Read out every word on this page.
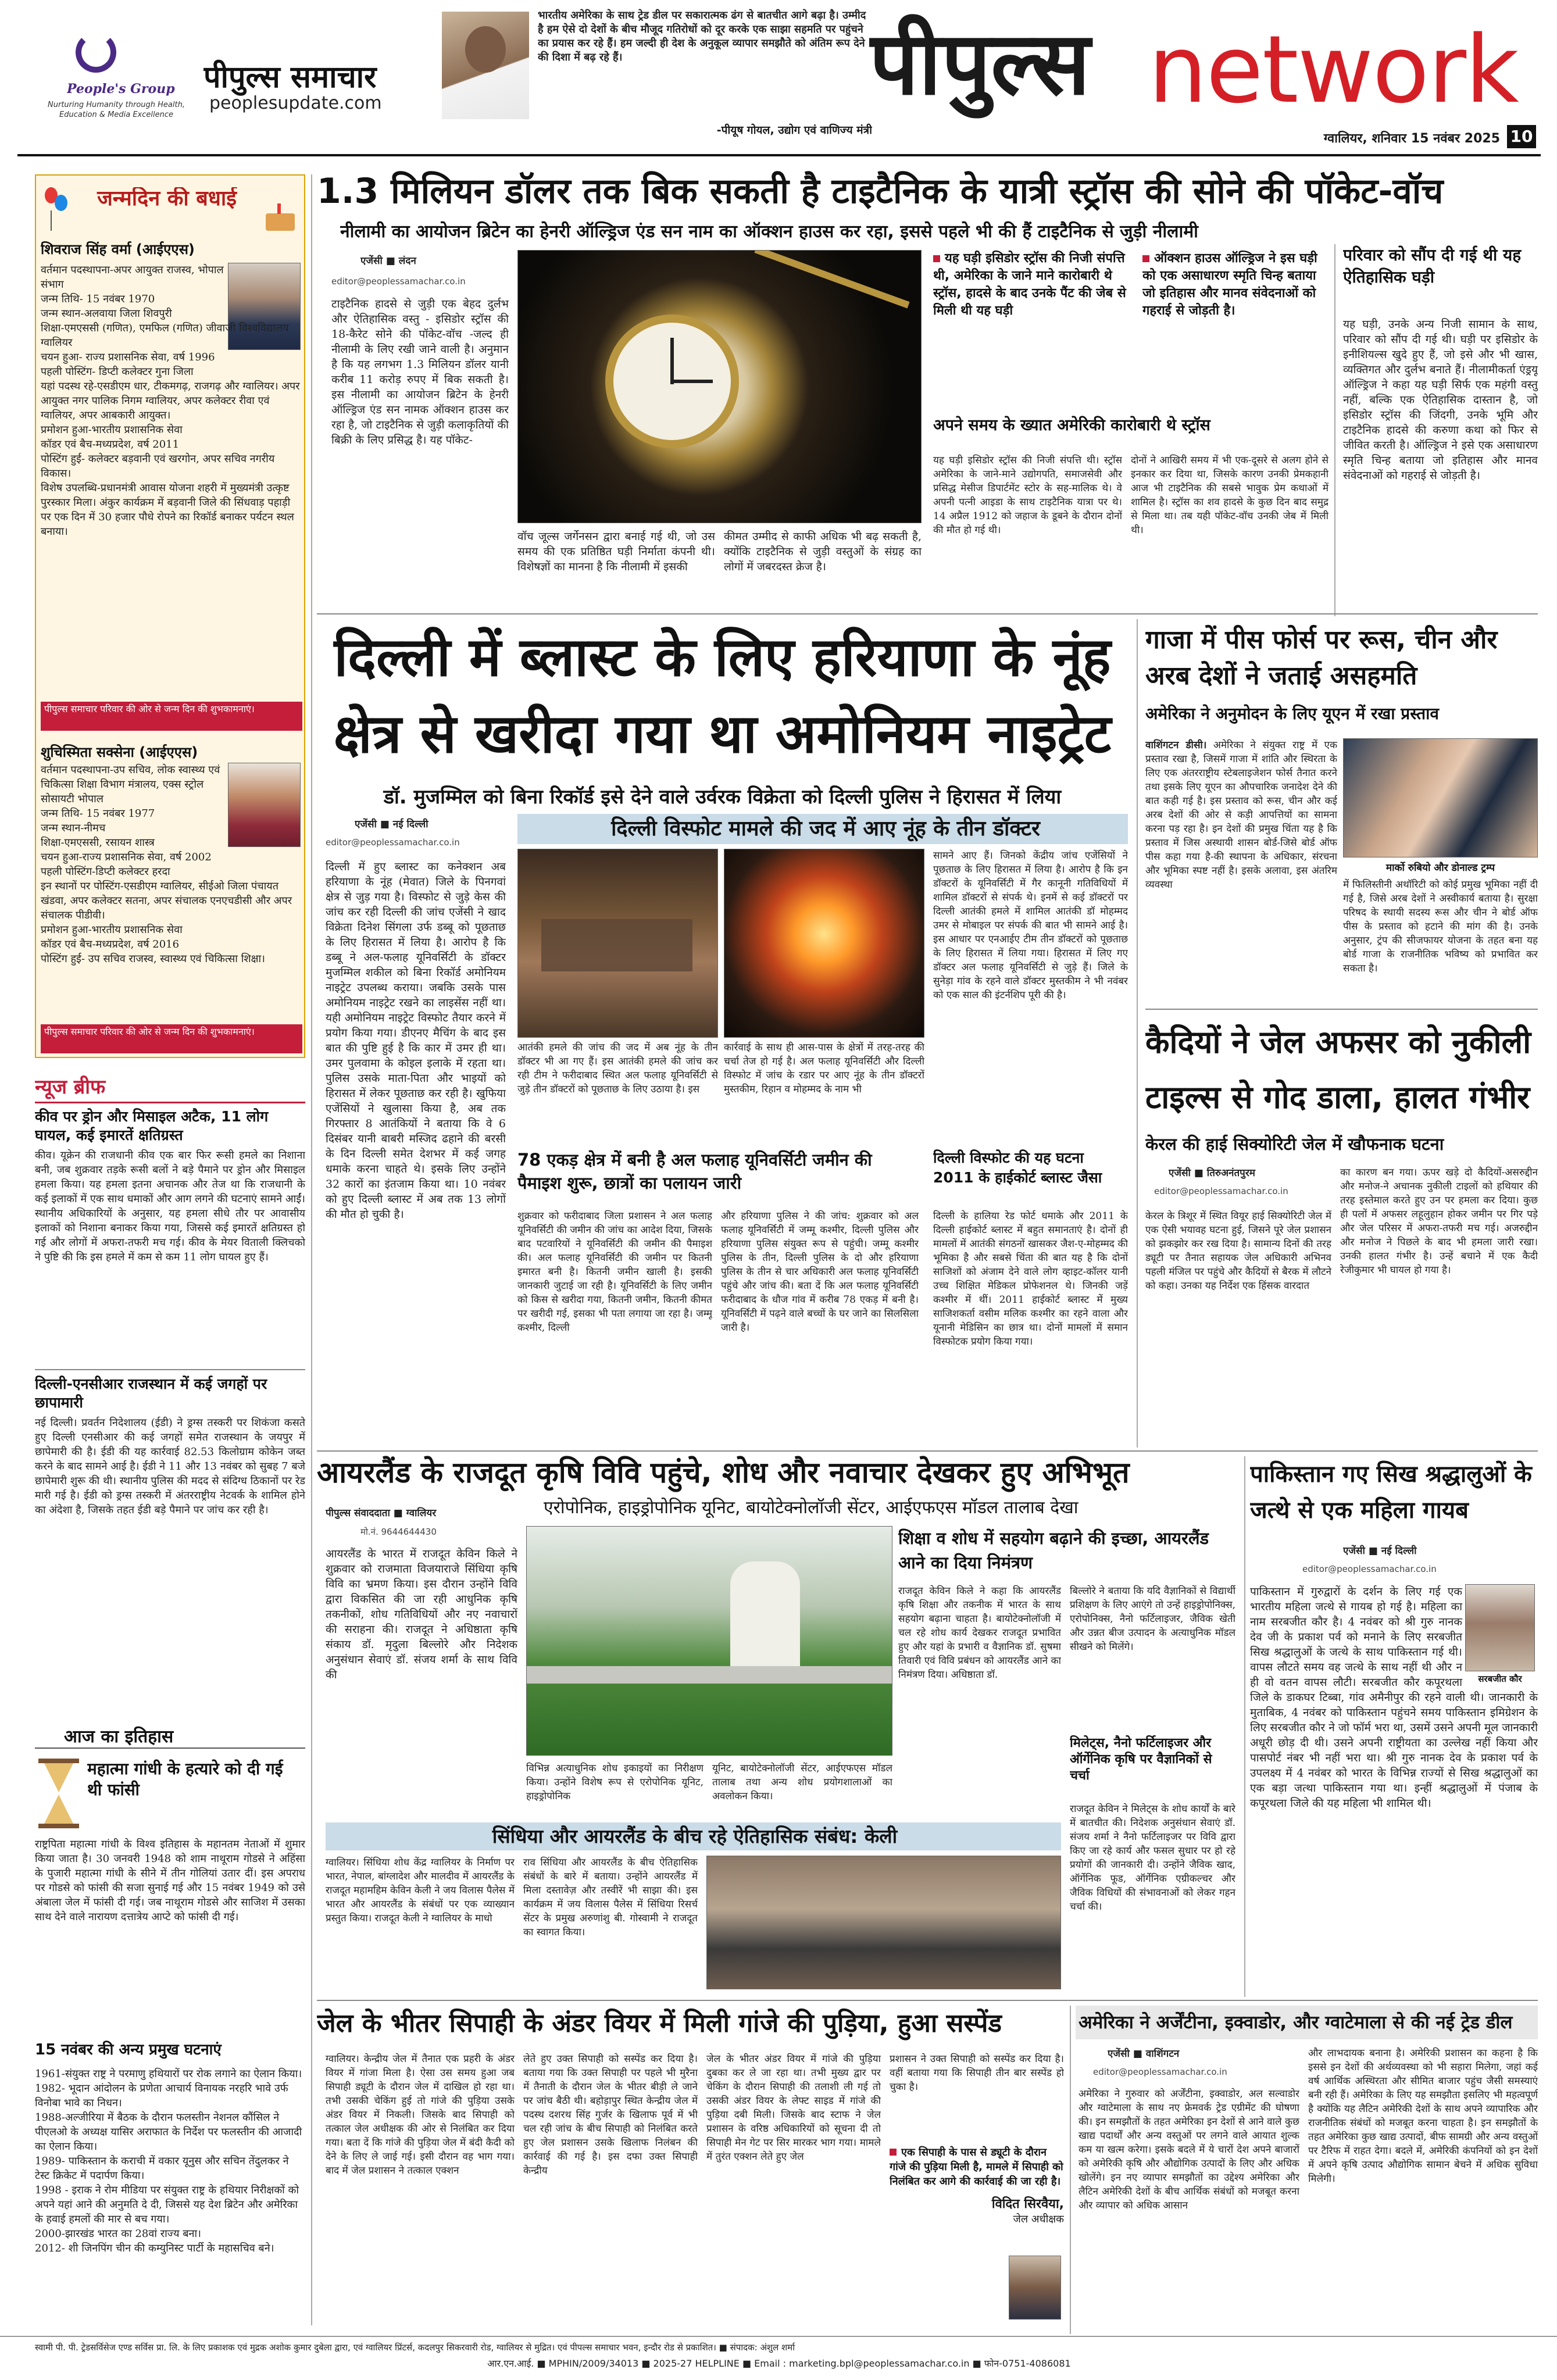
People's Group
Nurturing Humanity through Health, Education & Media Excellence
पीपुल्स समाचार
peoplesupdate.com
भारतीय अमेरिका के साथ ट्रेड डील पर सकारात्मक ढंग से बातचीत आगे बढ़ा है। उम्मीद है हम ऐसे दो देशों के बीच मौजूद गतिरोधों को दूर करके एक साझा सहमति पर पहुंचने का प्रयास कर रहे हैं। हम जल्दी ही देश के अनुकूल व्यापार समझौते को अंतिम रूप देने की दिशा में बढ़ रहे हैं।
-पीयूष गोयल, उद्योग एवं वाणिज्य मंत्री
पीपुल्स network
ग्वालियर, शनिवार 15 नवंबर 2025 10
जन्मदिन की बधाई
शिवराज सिंह वर्मा (आईएएस)

वर्तमान पदस्थापना-अपर आयुक्त राजस्व, भोपाल संभाग

जन्म तिथि- 15 नवंबर 1970

जन्म स्थान-अलवाया जिला शिवपुरी

शिक्षा-एमएससी (गणित), एमफिल (गणित) जीवाजी विश्वविद्यालय ग्वालियर

चयन हुआ- राज्य प्रशासनिक सेवा, वर्ष 1996

पहली पोस्टिंग- डिप्टी कलेक्टर गुना जिला

यहां पदस्थ रहे-एसडीएम धार, टीकमगढ़, राजगढ़ और ग्वालियर। अपर आयुक्त नगर पालिक निगम ग्वालियर, अपर कलेक्टर रीवा एवं ग्वालियर, अपर आबकारी आयुक्त।

प्रमोशन हुआ-भारतीय प्रशासनिक सेवा

कॉडर एवं बैच-मध्यप्रदेश, वर्ष 2011

पोस्टिंग हुई- कलेक्टर बड़वानी एवं खरगोन, अपर सचिव नगरीय विकास।

विशेष उपलब्धि-प्रधानमंत्री आवास योजना शहरी में मुख्यमंत्री उत्कृष्ट पुरस्कार मिला। अंकुर कार्यक्रम में बड़वानी जिले की सिंधवाड़ पहाड़ी पर एक दिन में 30 हजार पौधे रोपने का रिकॉर्ड बनाकर पर्यटन स्थल बनाया।

पीपुल्स समाचार परिवार की ओर से जन्म दिन की शुभकामनाएं।
शुचिस्मिता सक्सेना (आईएएस)

वर्तमान पदस्थापना-उप सचिव, लोक स्वास्थ्य एवं चिकित्सा शिक्षा विभाग मंत्रालय, एक्स स्ट्रोल सोसायटी भोपाल

जन्म तिथि- 15 नवंबर 1977

जन्म स्थान-नीमच

शिक्षा-एमएससी, रसायन शास्त्र

चयन हुआ-राज्य प्रशासनिक सेवा, वर्ष 2002

पहली पोस्टिंग-डिप्टी कलेक्टर हरदा

इन स्थानों पर पोस्टिंग-एसडीएम ग्वालियर, सीईओ जिला पंचायत खंडवा, अपर कलेक्टर सतना, अपर संचालक एनएचडीसी और अपर संचालक पीडीवी।

प्रमोशन हुआ-भारतीय प्रशासनिक सेवा

कॉडर एवं बैच-मध्यप्रदेश, वर्ष 2016

पोस्टिंग हुई- उप सचिव राजस्व, स्वास्थ्य एवं चिकित्सा शिक्षा।

पीपुल्स समाचार परिवार की ओर से जन्म दिन की शुभकामनाएं।
न्यूज ब्रीफ
कीव पर ड्रोन और मिसाइल अटैक, 11 लोग घायल, कई इमारतें क्षतिग्रस्त
कीव। यूक्रेन की राजधानी कीव एक बार फिर रूसी हमले का निशाना बनी, जब शुक्रवार तड़के रूसी बलों ने बड़े पैमाने पर ड्रोन और मिसाइल हमला किया। यह हमला इतना अचानक और तेज था कि राजधानी के कई इलाकों में एक साथ धमाकों और आग लगने की घटनाएं सामने आईं। स्थानीय अधिकारियों के अनुसार, यह हमला सीधे तौर पर आवासीय इलाकों को निशाना बनाकर किया गया, जिससे कई इमारतें क्षतिग्रस्त हो गई और लोगों में अफरा-तफरी मच गई। कीव के मेयर विताली क्लिचको ने पुष्टि की कि इस हमले में कम से कम 11 लोग घायल हुए हैं।
दिल्ली-एनसीआर राजस्थान में कई जगहों पर छापामारी
नई दिल्ली। प्रवर्तन निदेशालय (ईडी) ने ड्रग्स तस्करी पर शिकंजा कसते हुए दिल्ली एनसीआर की कई जगहों समेत राजस्थान के जयपुर में छापेमारी की है। ईडी की यह कार्रवाई 82.53 किलोग्राम कोकेन जब्त करने के बाद सामने आई है। ईडी ने 11 और 13 नवंबर को सुबह 7 बजे छापेमारी शुरू की थी। स्थानीय पुलिस की मदद से संदिग्ध ठिकानों पर रेड मारी गई है। ईडी को ड्रग्स तस्करी में अंतरराष्ट्रीय नेटवर्क के शामिल होने का अंदेशा है, जिसके तहत ईडी बड़े पैमाने पर जांच कर रही है।
आज का इतिहास
महात्मा गांधी के हत्यारे को दी गई थी फांसी
राष्ट्रपिता महात्मा गांधी के विश्व इतिहास के महानतम नेताओं में शुमार किया जाता है। 30 जनवरी 1948 को शाम नाथूराम गोडसे ने अहिंसा के पुजारी महात्मा गांधी के सीने में तीन गोलियां उतार दीं। इस अपराध पर गोडसे को फांसी की सजा सुनाई गई और 15 नवंबर 1949 को उसे अंबाला जेल में फांसी दी गई। जब नाथूराम गोडसे और साजिश में उसका साथ देने वाले नारायण दत्तात्रेय आप्टे को फांसी दी गई।
15 नवंबर की अन्य प्रमुख घटनाएं

1961-संयुक्त राष्ट्र ने परमाणु हथियारों पर रोक लगाने का ऐलान किया।

1982- भूदान आंदोलन के प्रणेता आचार्य विनायक नरहरि भावे उर्फ विनोबा भावे का निधन।

1988-अल्जीरिया में बैठक के दौरान फलस्तीन नेशनल कौंसिल ने पीएलओ के अध्यक्ष यासिर अराफात के निर्देश पर फलस्तीन की आजादी का ऐलान किया।

1989- पाकिस्तान के कराची में वकार यूनुस और सचिन तेंदुलकर ने टेस्ट क्रिकेट में पदार्पण किया।

1998 - इराक ने रोम मीडिया पर संयुक्त राष्ट्र के हथियार निरीक्षकों को अपने यहां आने की अनुमति दे दी, जिससे यह देश ब्रिटेन और अमेरिका के हवाई हमलों की मार से बच गया।

2000-झारखंड भारत का 28वां राज्य बना।

2012- शी जिनपिंग चीन की कम्युनिस्ट पार्टी के महासचिव बने।

1.3 मिलियन डॉलर तक बिक सकती है टाइटैनिक के यात्री स्ट्रॉस की सोने की पॉकेट-वॉच
नीलामी का आयोजन ब्रिटेन का हेनरी ऑल्ड्रिज एंड सन नाम का ऑक्शन हाउस कर रहा, इससे पहले भी की हैं टाइटैनिक से जुड़ी नीलामी
एजेंसी ■ लंदन
editor@peoplessamachar.co.in
टाइटैनिक हादसे से जुड़ी एक बेहद दुर्लभ और ऐतिहासिक वस्तु - इसिडोर स्ट्रॉस की 18-कैरेट सोने की पॉकेट-वॉच -जल्द ही नीलामी के लिए रखी जाने वाली है। अनुमान है कि यह लगभग 1.3 मिलियन डॉलर यानी करीब 11 करोड़ रुपए में बिक सकती है। इस नीलामी का आयोजन ब्रिटेन के हेनरी ऑल्ड्रिज एंड सन नामक ऑक्शन हाउस कर रहा है, जो टाइटैनिक से जुड़ी कलाकृतियों की बिक्री के लिए प्रसिद्ध है। यह पॉकेट-
वॉच जूल्स जर्गेनसन द्वारा बनाई गई थी, जो उस समय की एक प्रतिष्ठित घड़ी निर्माता कंपनी थी। विशेषज्ञों का मानना है कि नीलामी में इसकी
कीमत उम्मीद से काफी अधिक भी बढ़ सकती है, क्योंकि टाइटैनिक से जुड़ी वस्तुओं के संग्रह का लोगों में जबरदस्त क्रेज है।
यह घड़ी इसिडोर स्ट्रॉस की निजी संपत्ति थी, अमेरिका के जाने माने कारोबारी थे स्ट्रॉस, हादसे के बाद उनके पैंट की जेब से मिली थी यह घड़ी
ऑक्शन हाउस ऑल्ड्रिज ने इस घड़ी को एक असाधारण स्मृति चिन्ह बताया जो इतिहास और मानव संवेदनाओं को गहराई से जोड़ती है।
अपने समय के ख्यात अमेरिकी कारोबारी थे स्ट्रॉस
यह घड़ी इसिडोर स्ट्रॉस की निजी संपत्ति थी। स्ट्रॉस अमेरिका के जाने-माने उद्योगपति, समाजसेवी और प्रसिद्ध मेसीज डिपार्टमेंट स्टोर के सह-मालिक थे। वे अपनी पत्नी आइडा के साथ टाइटैनिक यात्रा पर थे। 14 अप्रैल 1912 को जहाज के डूबने के दौरान दोनों की मौत हो गई थी।
दोनों ने आखिरी समय में भी एक-दूसरे से अलग होने से इनकार कर दिया था, जिसके कारण उनकी प्रेमकहानी आज भी टाइटैनिक की सबसे भावुक प्रेम कथाओं में शामिल है। स्ट्रॉस का शव हादसे के कुछ दिन बाद समुद्र से मिला था। तब यही पॉकेट-वॉच उनकी जेब में मिली थी।
परिवार को सौंप दी गई थी यह ऐतिहासिक घड़ी
यह घड़ी, उनके अन्य निजी सामान के साथ, परिवार को सौंप दी गई थी। घड़ी पर इसिडोर के इनीशियल्स खुदे हुए हैं, जो इसे और भी खास, व्यक्तिगत और दुर्लभ बनाते हैं। नीलामीकर्ता एंड्रयू ऑल्ड्रिज ने कहा यह घड़ी सिर्फ एक महंगी वस्तु नहीं, बल्कि एक ऐतिहासिक दास्तान है, जो इसिडोर स्ट्रॉस की जिंदगी, उनके भूमि और टाइटैनिक हादसे की करुणा कथा को फिर से जीवित करती है। ऑल्ड्रिज ने इसे एक असाधारण स्मृति चिन्ह बताया जो इतिहास और मानव संवेदनाओं को गहराई से जोड़ती है।
दिल्ली में ब्लास्ट के लिए हरियाणा के नूंह क्षेत्र से खरीदा गया था अमोनियम नाइट्रेट
डॉ. मुजम्मिल को बिना रिकॉर्ड इसे देने वाले उर्वरक विक्रेता को दिल्ली पुलिस ने हिरासत में लिया
एजेंसी ■ नई दिल्ली
editor@peoplessamachar.co.in
दिल्ली में हुए ब्लास्ट का कनेक्शन अब हरियाणा के नूंह (मेवात) जिले के पिनगवां क्षेत्र से जुड़ गया है। विस्फोट से जुड़े केस की जांच कर रही दिल्ली की जांच एजेंसी ने खाद विक्रेता दिनेश सिंगला उर्फ डब्बू को पूछताछ के लिए हिरासत में लिया है। आरोप है कि डब्बू ने अल-फलाह यूनिवर्सिटी के डॉक्टर मुजम्मिल शकील को बिना रिकॉर्ड अमोनियम नाइट्रेट उपलब्ध कराया। जबकि उसके पास अमोनियम नाइट्रेट रखने का लाइसेंस नहीं था। यही अमोनियम नाइट्रेट विस्फोट तैयार करने में प्रयोग किया गया। डीएनए मैचिंग के बाद इस बात की पुष्टि हुई है कि कार में उमर ही था। उमर पुलवामा के कोइल इलाके में रहता था। पुलिस उसके माता-पिता और भाइयों को हिरासत में लेकर पूछताछ कर रही है। खुफिया एजेंसियों ने खुलासा किया है, अब तक गिरफ्तार 8 आतंकियों ने बताया कि वे 6 दिसंबर यानी बाबरी मस्जिद ढहाने की बरसी के दिन दिल्ली समेत देशभर में कई जगह धमाके करना चाहते थे। इसके लिए उन्होंने 32 कारों का इंतजाम किया था। 10 नवंबर को हुए दिल्ली ब्लास्ट में अब तक 13 लोगों की मौत हो चुकी है।
दिल्ली विस्फोट मामले की जद में आए नूंह के तीन डॉक्टर
आतंकी हमले की जांच की जद में अब नूंह के तीन डॉक्टर भी आ गए हैं। इस आतंकी हमले की जांच कर रही टीम ने फरीदाबाद स्थित अल फलाह यूनिवर्सिटी से जुड़े तीन डॉक्टरों को पूछताछ के लिए उठाया है। इस
कार्रवाई के साथ ही आस-पास के क्षेत्रों में तरह-तरह की चर्चा तेज हो गई है। अल फलाह यूनिवर्सिटी और दिल्ली विस्फोट में जांच के रडार पर आए नूंह के तीन डॉक्टरों मुस्तकीम, रिहान व मोहम्मद के नाम भी
सामने आए हैं। जिनको केंद्रीय जांच एजेंसियों ने पूछताछ के लिए हिरासत में लिया है। आरोप है कि इन डॉक्टरों के यूनिवर्सिटी में गैर कानूनी गतिविधियों में शामिल डॉक्टरों से संपर्क थे। इनमें से कई डॉक्टरों पर दिल्ली आतंकी हमले में शामिल आतंकी डॉ मोहम्मद उमर से मोबाइल पर संपर्क की बात भी सामने आई है। इस आधार पर एनआईए टीम तीन डॉक्टरों को पूछताछ के लिए हिरासत में लिया गया। हिरासत में लिए गए डॉक्टर अल फलाह यूनिवर्सिटी से जुड़े हैं। जिले के सुनेड़ा गांव के रहने वाले डॉक्टर मुस्तकीम ने भी नवंबर को एक साल की इंटर्नशिप पूरी की है।
78 एकड़ क्षेत्र में बनी है अल फलाह यूनिवर्सिटी जमीन की पैमाइश शुरू, छात्रों का पलायन जारी
शुक्रवार को फरीदाबाद जिला प्रशासन ने अल फलाह यूनिवर्सिटी की जमीन की जांच का आदेश दिया, जिसके बाद पटवारियों ने यूनिवर्सिटी की जमीन की पैमाइश की। अल फलाह यूनिवर्सिटी की जमीन पर कितनी इमारत बनी है। कितनी जमीन खाली है। इसकी जानकारी जुटाई जा रही है। यूनिवर्सिटी के लिए जमीन को किस से खरीदा गया, कितनी जमीन, कितनी कीमत पर खरीदी गई, इसका भी पता लगाया जा रहा है। जम्मू कश्मीर, दिल्ली
और हरियाणा पुलिस ने की जांच: शुक्रवार को अल फलाह यूनिवर्सिटी में जम्मू कश्मीर, दिल्ली पुलिस और हरियाणा पुलिस संयुक्त रूप से पहुंची। जम्मू कश्मीर पुलिस के तीन, दिल्ली पुलिस के दो और हरियाणा पुलिस के तीन से चार अधिकारी अल फलाह यूनिवर्सिटी पहुंचे और जांच की। बता दें कि अल फलाह यूनिवर्सिटी फरीदाबाद के धौज गांव में करीब 78 एकड़ में बनी है। यूनिवर्सिटी में पढ़ने वाले बच्चों के घर जाने का सिलसिला जारी है।
दिल्ली विस्फोट की यह घटना 2011 के हाईकोर्ट ब्लास्ट जैसा
दिल्ली के हालिया रेड फोर्ट धमाके और 2011 के दिल्ली हाईकोर्ट ब्लास्ट में बहुत समानताएं है। दोनों ही मामलों में आतंकी संगठनों खासकर जैश-ए-मोहम्मद की भूमिका है और सबसे चिंता की बात यह है कि दोनों साजिशों को अंजाम देने वाले लोग व्हाइट-कॉलर यानी उच्च शिक्षित मेडिकल प्रोफेशनल थे। जिनकी जड़ें कश्मीर में थीं। 2011 हाईकोर्ट ब्लास्ट में मुख्य साजिशकर्ता वसीम मलिक कश्मीर का रहने वाला और यूनानी मेडिसिन का छात्र था। दोनों मामलों में समान विस्फोटक प्रयोग किया गया।
गाजा में पीस फोर्स पर रूस, चीन और अरब देशों ने जताई असहमति
अमेरिका ने अनुमोदन के लिए यूएन में रखा प्रस्ताव
वाशिंगटन डीसी। अमेरिका ने संयुक्त राष्ट्र में एक प्रस्ताव रखा है, जिसमें गाजा में शांति और स्थिरता के लिए एक अंतरराष्ट्रीय स्टेबलाइजेशन फोर्स तैनात करने तथा इसके लिए यूएन का औपचारिक जनादेश देने की बात कही गई है। इस प्रस्ताव को रूस, चीन और कई अरब देशों की ओर से कड़ी आपत्तियों का सामना करना पड़ रहा है। इन देशों की प्रमुख चिंता यह है कि प्रस्ताव में जिस अस्थायी शासन बोर्ड-जिसे बोर्ड ऑफ पीस कहा गया है-की स्थापना के अधिकार, संरचना और भूमिका स्पष्ट नहीं है। इसके अलावा, इस अंतरिम व्यवस्था
मार्को रुबियो और डोनाल्ड ट्रम्प
में फिलिस्तीनी अथॉरिटी को कोई प्रमुख भूमिका नहीं दी गई है, जिसे अरब देशों ने अस्वीकार्य बताया है। सुरक्षा परिषद के स्थायी सदस्य रूस और चीन ने बोर्ड ऑफ पीस के प्रस्ताव को हटाने की मांग की है। उनके अनुसार, ट्रंप की सीजफायर योजना के तहत बना यह बोर्ड गाजा के राजनीतिक भविष्य को प्रभावित कर सकता है।
कैदियों ने जेल अफसर को नुकीली टाइल्स से गोद डाला, हालत गंभीर
केरल की हाई सिक्योरिटी जेल में खौफनाक घटना
एजेंसी ■ तिरुअनंतपुरम
editor@peoplessamachar.co.in
केरल के त्रिशूर में स्थित वियूर हाई सिक्योरिटी जेल में एक ऐसी भयावह घटना हुई, जिसने पूरे जेल प्रशासन को झकझोर कर रख दिया है। सामान्य दिनों की तरह ड्यूटी पर तैनात सहायक जेल अधिकारी अभिनव पहली मंजिल पर पहुंचे और कैदियों से बैरक में लौटने को कहा। उनका यह निर्देश एक हिंसक वारदात
का कारण बन गया। ऊपर खड़े दो कैदियों-असरुद्दीन और मनोज-ने अचानक नुकीली टाइलों को हथियार की तरह इस्तेमाल करते हुए उन पर हमला कर दिया। कुछ ही पलों में अफसर लहूलुहान होकर जमीन पर गिर पड़े और जेल परिसर में अफरा-तफरी मच गई। अजरुद्दीन और मनोज ने पिछले के बाद भी हमला जारी रखा। उनकी हालत गंभीर है। उन्हें बचाने में एक कैदी रेजीकुमार भी घायल हो गया है।
आयरलैंड के राजदूत कृषि विवि पहुंचे, शोध और नवाचार देखकर हुए अभिभूत
पीपुल्स संवाददाता ■ ग्वालियर	एरोपोनिक, हाइड्रोपोनिक यूनिट, बायोटेक्नोलॉजी सेंटर, आईएफएस मॉडल तालाब देखा
मो.नं. 9644644430
आयरलैंड के भारत में राजदूत केविन किले ने शुक्रवार को राजमाता विजयाराजे सिंधिया कृषि विवि का भ्रमण किया। इस दौरान उन्होंने विवि द्वारा विकसित की जा रही आधुनिक कृषि तकनीकों, शोध गतिविधियों और नए नवाचारों की सराहना की। राजदूत ने अधिष्ठाता कृषि संकाय डॉ. मृदुला बिल्लोरे और निदेशक अनुसंधान सेवाएं डॉ. संजय शर्मा के साथ विवि की
विभिन्न अत्याधुनिक शोध इकाइयों का निरीक्षण किया। उन्होंने विशेष रूप से एरोपोनिक यूनिट, हाइड्रोपोनिक
यूनिट, बायोटेक्नोलॉजी सेंटर, आईएफएस मॉडल तालाब तथा अन्य शोध प्रयोगशालाओं का अवलोकन किया।
शिक्षा व शोध में सहयोग बढ़ाने की इच्छा, आयरलैंड आने का दिया निमंत्रण
राजदूत केविन किले ने कहा कि आयरलैंड कृषि शिक्षा और तकनीक में भारत के साथ सहयोग बढ़ाना चाहता है। बायोटेक्नोलॉजी में चल रहे शोध कार्य देखकर राजदूत प्रभावित हुए और यहां के प्रभारी व वैज्ञानिक डॉ. सुषमा तिवारी एवं विवि प्रबंधन को आयरलैंड आने का निमंत्रण दिया। अधिष्ठाता डॉ.
बिल्लोरे ने बताया कि यदि वैज्ञानिकों से विद्यार्थी प्रशिक्षण के लिए आएंगे तो उन्हें हाइड्रोपोनिक्स, एरोपोनिक्स, नैनो फर्टिलाइजर, जैविक खेती और उन्नत बीज उत्पादन के अत्याधुनिक मॉडल सीखने को मिलेंगे।
सिंधिया और आयरलैंड के बीच रहे ऐतिहासिक संबंध: केली
ग्वालियर। सिंधिया शोध केंद्र ग्वालियर के निर्माण पर भारत, नेपाल, बांग्लादेश और मालदीव में आयरलैंड के राजदूत महामहिम केविन केली ने जय विलास पैलेस में भारत और आयरलैंड के संबंधों पर एक व्याख्यान प्रस्तुत किया। राजदूत केली ने ग्वालियर के माधो
राव सिंधिया और आयरलैंड के बीच ऐतिहासिक संबंधों के बारे में बताया। उन्होंने आयरलैंड में मिला दस्तावेज़ और तस्वीरें भी साझा की। इस कार्यक्रम में जय विलास पैलेस में सिंधिया रिसर्च सेंटर के प्रमुख अरुणांशु बी. गोस्वामी ने राजदूत का स्वागत किया।
मिलेट्स, नैनो फर्टिलाइजर और ऑर्गेनिक कृषि पर वैज्ञानिकों से चर्चा
राजदूत केविन ने मिलेट्स के शोध कार्यों के बारे में बातचीत की। निदेशक अनुसंधान सेवाएं डॉ. संजय शर्मा ने नैनो फर्टिलाइजर पर विवि द्वारा किए जा रहे कार्य और फसल सुधार पर हो रहे प्रयोगों की जानकारी दी। उन्होंने जैविक खाद, ऑर्गेनिक फूड, ऑर्गेनिक एग्रीकल्चर और जैविक विधियों की संभावनाओं को लेकर गहन चर्चा की।
पाकिस्तान गए सिख श्रद्धालुओं के जत्थे से एक महिला गायब
एजेंसी ■ नई दिल्ली
editor@peoplessamachar.co.in
सरबजीत कौर
पाकिस्तान में गुरुद्वारों के दर्शन के लिए गई एक भारतीय महिला जत्थे से गायब हो गई है। महिला का नाम सरबजीत कौर है। 4 नवंबर को श्री गुरु नानक देव जी के प्रकाश पर्व को मनाने के लिए सरबजीत सिख श्रद्धालुओं के जत्थे के साथ पाकिस्तान गई थी। वापस लौटते समय वह जत्थे के साथ नहीं थी और न ही वो वतन वापस लौटी। सरबजीत कौर कपूरथला जिले के डाकघर टिब्बा, गांव अमैनीपुर की रहने वाली थी। जानकारी के मुताबिक, 4 नवंबर को पाकिस्तान पहुंचने समय पाकिस्तान इमिग्रेशन के लिए सरबजीत कौर ने जो फॉर्म भरा था, उसमें उसने अपनी मूल जानकारी अधूरी छोड़ दी थी। उसने अपनी राष्ट्रीयता का उल्लेख नहीं किया और पासपोर्ट नंबर भी नहीं भरा था। श्री गुरु नानक देव के प्रकाश पर्व के उपलक्ष्य में 4 नवंबर को भारत के विभिन्न राज्यों से सिख श्रद्धालुओं का एक बड़ा जत्था पाकिस्तान गया था। इन्हीं श्रद्धालुओं में पंजाब के कपूरथला जिले की यह महिला भी शामिल थी।
जेल के भीतर सिपाही के अंडर वियर में मिली गांजे की पुड़िया, हुआ सस्पेंड
ग्वालियर। केन्द्रीय जेल में तैनात एक प्रहरी के अंडर वियर में गांजा मिला है। ऐसा उस समय हुआ जब सिपाही ड्यूटी के दौरान जेल में दाखिल हो रहा था। तभी उसकी चेकिंग हुई तो गांजे की पुड़िया उसके अंडर वियर में निकली। जिसके बाद सिपाही को तत्काल जेल अधीक्षक की ओर से निलंबित कर दिया गया। बता दें कि गांजे की पुड़िया जेल में बंदी कैदी को देने के लिए ले जाई गई। इसी दौरान वह भाग गया। बाद में जेल प्रशासन ने तत्काल एक्शन
लेते हुए उक्त सिपाही को सस्पेंड कर दिया है। बताया गया कि उक्त सिपाही पर पहले भी मुरैना में तैनाती के दौरान जेल के भीतर बीड़ी ले जाने पर जांच बैठी थी। बहोड़ापुर स्थित केन्द्रीय जेल में पदस्थ दशरथ सिंह गुर्जर के खिलाफ पूर्व में भी चल रही जांच के बीच सिपाही को निलंबित करते हुए जेल प्रशासन उसके खिलाफ निलंबन की कार्रवाई की गई है। इस दफा उक्त सिपाही केन्द्रीय
जेल के भीतर अंडर वियर में गांजे की पुड़िया दुबका कर ले जा रहा था। तभी मुख्य द्वार पर चेकिंग के दौरान सिपाही की तलाशी ली गई तो उसकी अंडर वियर के लेफ्ट साइड में गांजे की पुड़िया दबी मिली। जिसके बाद स्टाफ ने जेल प्रशासन के वरिष्ठ अधिकारियों को सूचना दी तो सिपाही मेन गेट पर सिर मारकर भाग गया। मामले में तुरंत एक्शन लेते हुए जेल
प्रशासन ने उक्त सिपाही को सस्पेंड कर दिया है। वहीं बताया गया कि सिपाही तीन बार सस्पेंड हो चुका है।
एक सिपाही के पास से ड्यूटी के दौरान गांजे की पुड़िया मिली है, मामले में सिपाही को निलंबित कर आगे की कार्रवाई की जा रही है।
विदित सिरवैया,
जेल अधीक्षक
अमेरिका ने अर्जेंटीना, इक्वाडोर, और ग्वाटेमाला से की नई ट्रेड डील
एजेंसी ■ वाशिंगटन
editor@peoplessamachar.co.in
अमेरिका ने गुरुवार को अर्जेंटीना, इक्वाडोर, अल सल्वाडोर और ग्वाटेमाला के साथ नए फ्रेमवर्क ट्रेड एग्रीमेंट की घोषणा की। इन समझौतों के तहत अमेरिका इन देशों से आने वाले कुछ खाद्य पदार्थों और अन्य वस्तुओं पर लगने वाले आयात शुल्क कम या खत्म करेगा। इसके बदले में ये चारों देश अपने बाजारों को अमेरिकी कृषि और औद्योगिक उत्पादों के लिए और अधिक खोलेंगे। इन नए व्यापार समझौतों का उद्देश्य अमेरिका और लैटिन अमेरिकी देशों के बीच आर्थिक संबंधों को मजबूत करना और व्यापार को अधिक आसान
और लाभदायक बनाना है। अमेरिकी प्रशासन का कहना है कि इससे इन देशों की अर्थव्यवस्था को भी सहारा मिलेगा, जहां कई वर्ष आर्थिक अस्थिरता और सीमित बाजार पहुंच जैसी समस्याएं बनी रही हैं। अमेरिका के लिए यह समझौता इसलिए भी महत्वपूर्ण है क्योंकि यह लैटिन अमेरिकी देशों के साथ अपने व्यापारिक और राजनीतिक संबंधों को मजबूत करना चाहता है। इन समझौतों के तहत अमेरिका कुछ खाद्य उत्पादों, बीफ सामग्री और अन्य वस्तुओं पर टैरिफ में राहत देगा। बदले में, अमेरिकी कंपनियों को इन देशों में अपने कृषि उत्पाद औद्योगिक सामान बेचने में अधिक सुविधा मिलेगी।
स्वामी पी. पी. ट्रेडसर्विसेज एण्ड सर्विस प्रा. लि. के लिए प्रकाशक एवं मुद्रक अशोक कुमार दुबेला द्वारा, एवं ग्वालियर प्रिंटर्स, कदलपुर सिकरवारी रोड, ग्वालियर से मुद्रित। एवं पीपल्स समाचार भवन, इन्दौर रोड से प्रकाशित। ■ संपादक: अंशुल शर्मा
आर.एन.आई. ■ MPHIN/2009/34013 ■ 2025-27 HELPLINE ■ Email : marketing.bpl@peoplessamachar.co.in ■ फोन-0751-4086081
